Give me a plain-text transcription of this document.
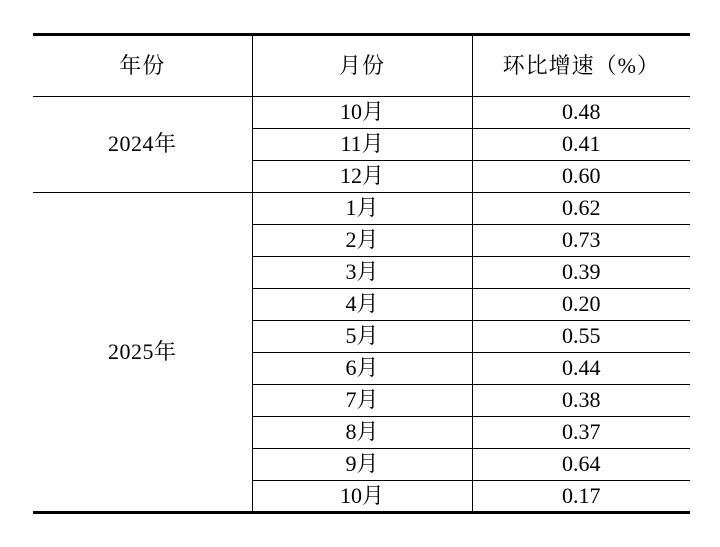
年份	月份	环比增速（%）
2024年	10月	0.48
	11月	0.41
	12月	0.60
2025年	1月	0.62
	2月	0.73
	3月	0.39
	4月	0.20
	5月	0.55
	6月	0.44
	7月	0.38
	8月	0.37
	9月	0.64
	10月	0.17
